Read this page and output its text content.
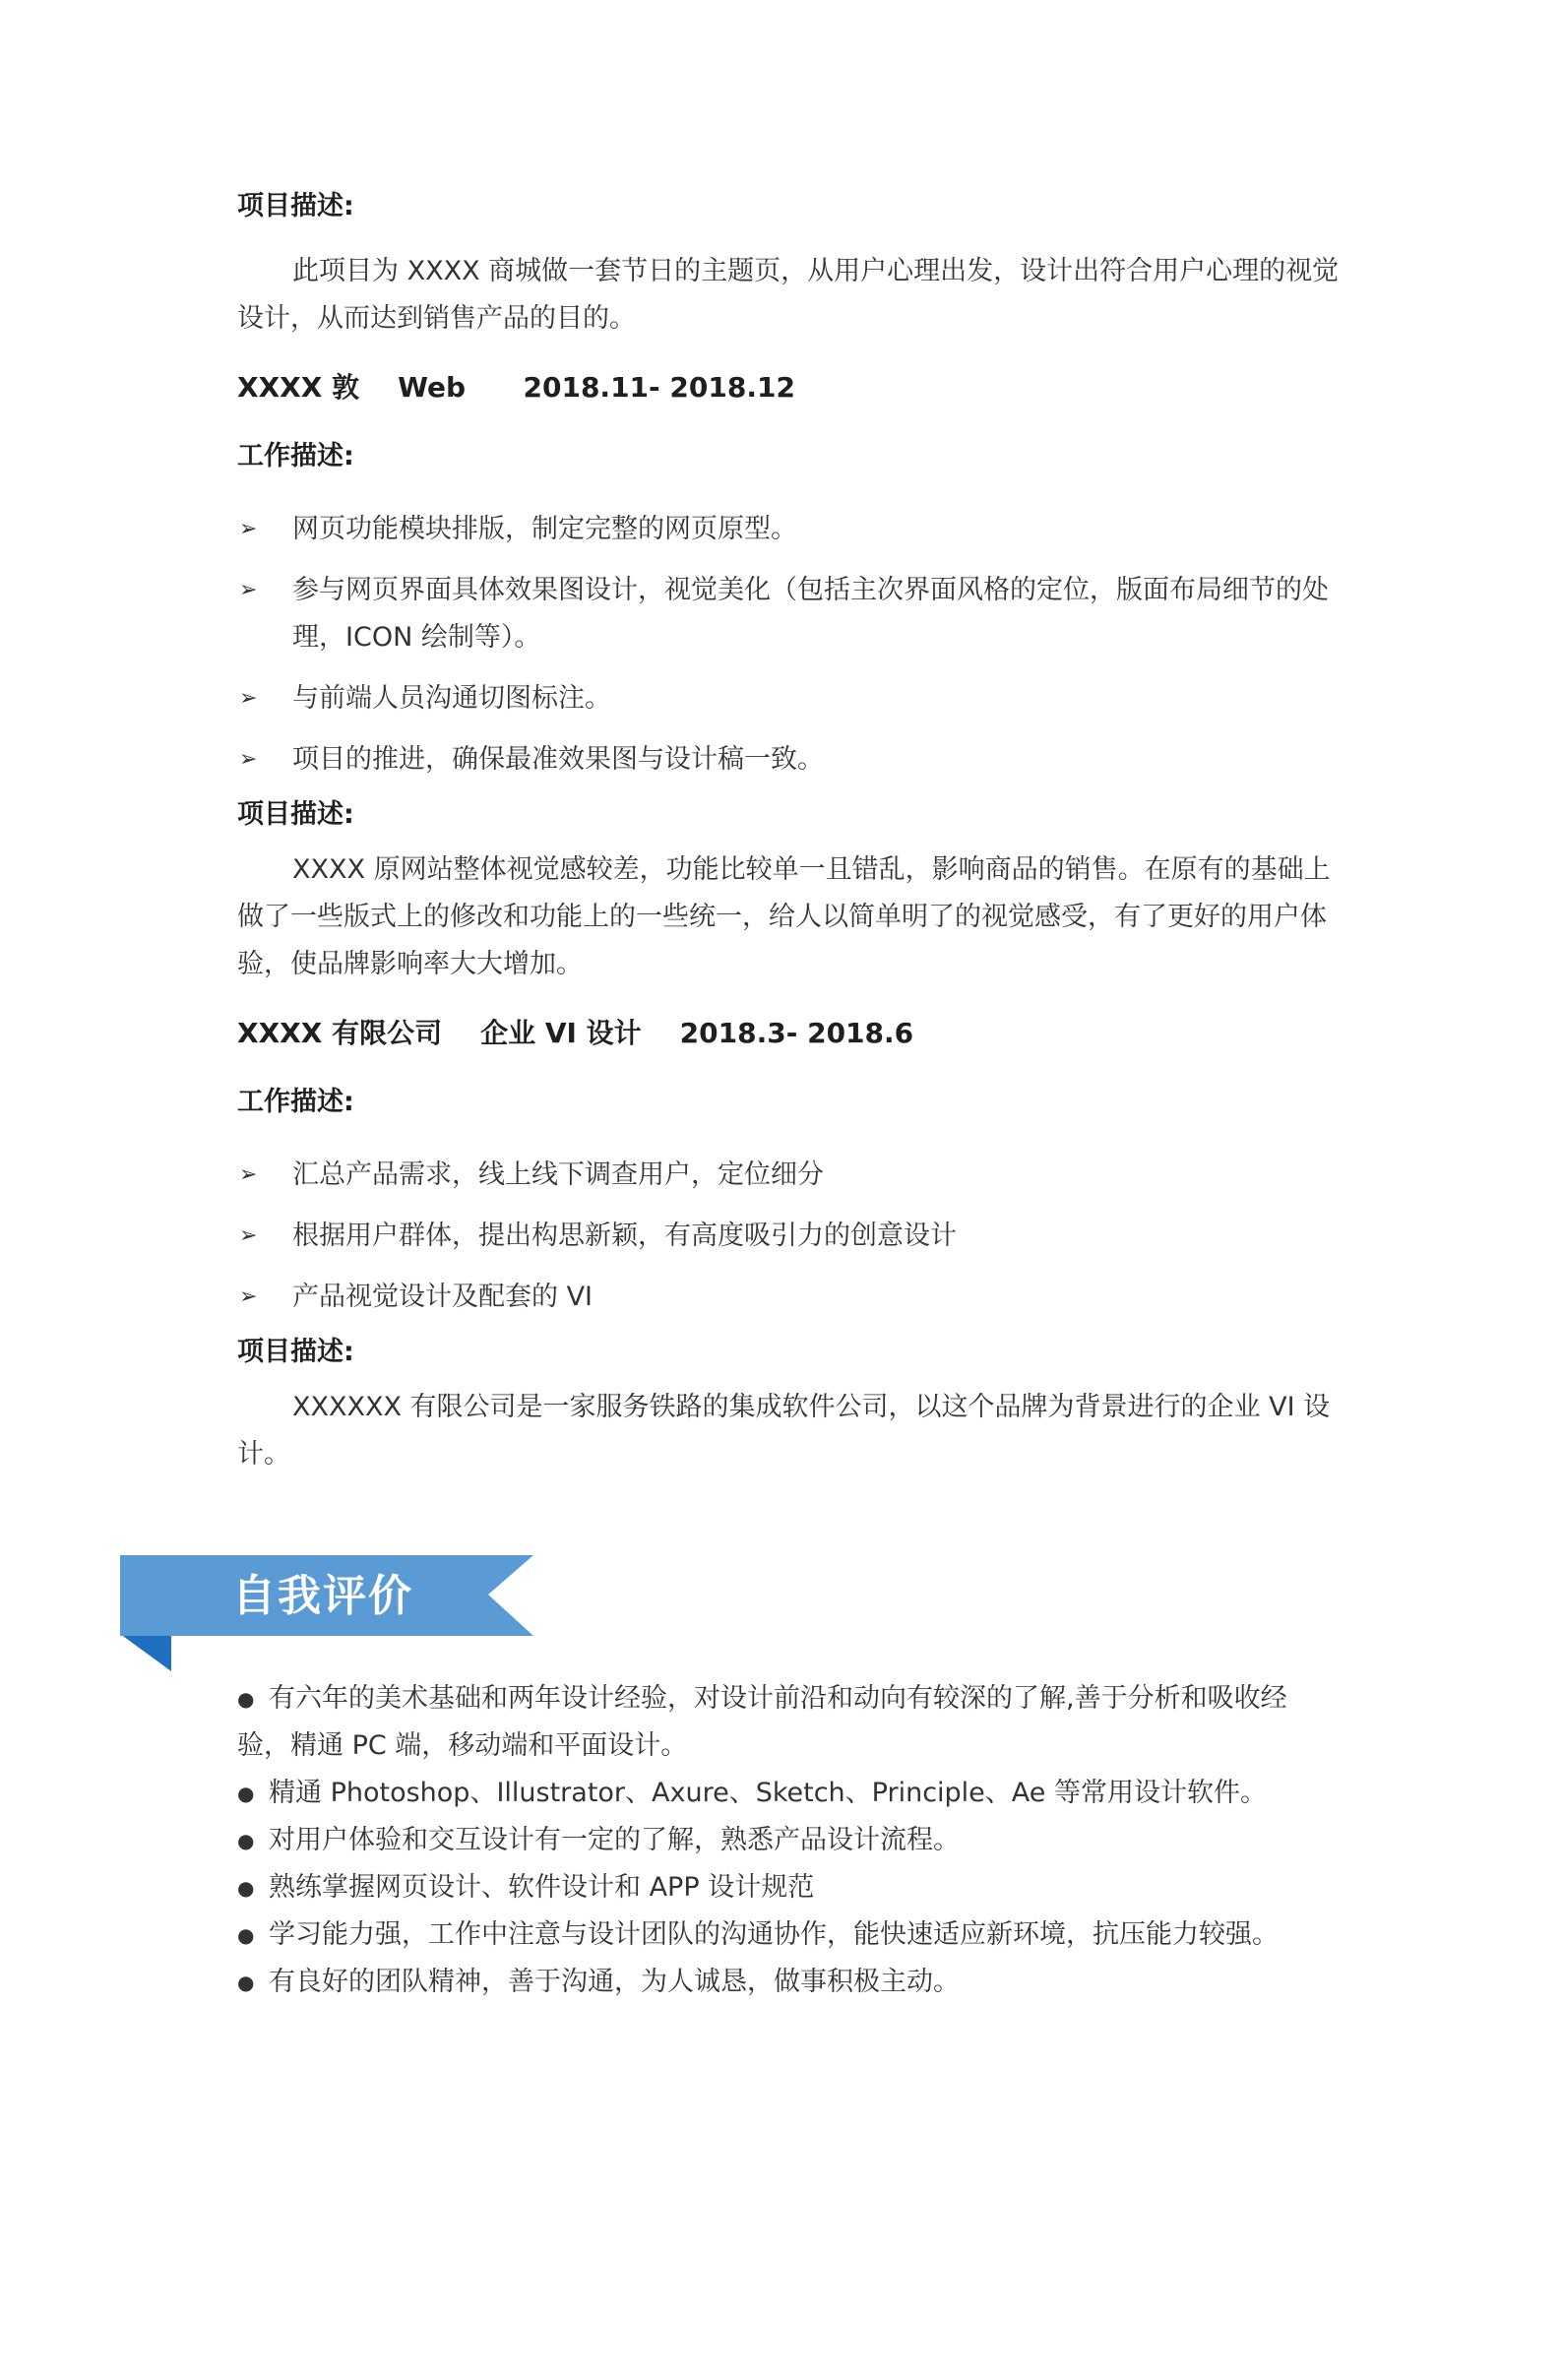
项目描述:

此项目为 XXXX 商城做一套节日的主题页，从用户心理出发，设计出符合用户心理的视觉设计，从而达到销售产品的目的。

XXXX 敦    Web      2018.11- 2018.12

工作描述:

➢ 网页功能模块排版，制定完整的网页原型。
➢ 参与网页界面具体效果图设计，视觉美化（包括主次界面风格的定位，版面布局细节的处理，ICON 绘制等）。
➢ 与前端人员沟通切图标注。
➢ 项目的推进，确保最准效果图与设计稿一致。

项目描述:

XXXX 原网站整体视觉感较差，功能比较单一且错乱，影响商品的销售。在原有的基础上做了一些版式上的修改和功能上的一些统一，给人以简单明了的视觉感受，有了更好的用户体验，使品牌影响率大大增加。

XXXX 有限公司    企业 VI 设计    2018.3- 2018.6

工作描述:

➢ 汇总产品需求，线上线下调查用户，定位细分
➢ 根据用户群体，提出构思新颖，有高度吸引力的创意设计
➢ 产品视觉设计及配套的 VI

项目描述:

XXXXXX 有限公司是一家服务铁路的集成软件公司，以这个品牌为背景进行的企业 VI 设计。

自我评价
● 有六年的美术基础和两年设计经验，对设计前沿和动向有较深的了解,善于分析和吸收经
验，精通 PC 端，移动端和平面设计。
● 精通 Photoshop、Illustrator、Axure、Sketch、Principle、Ae 等常用设计软件。
● 对用户体验和交互设计有一定的了解，熟悉产品设计流程。
● 熟练掌握网页设计、软件设计和 APP 设计规范
● 学习能力强，工作中注意与设计团队的沟通协作，能快速适应新环境，抗压能力较强。
● 有良好的团队精神，善于沟通，为人诚恳，做事积极主动。
